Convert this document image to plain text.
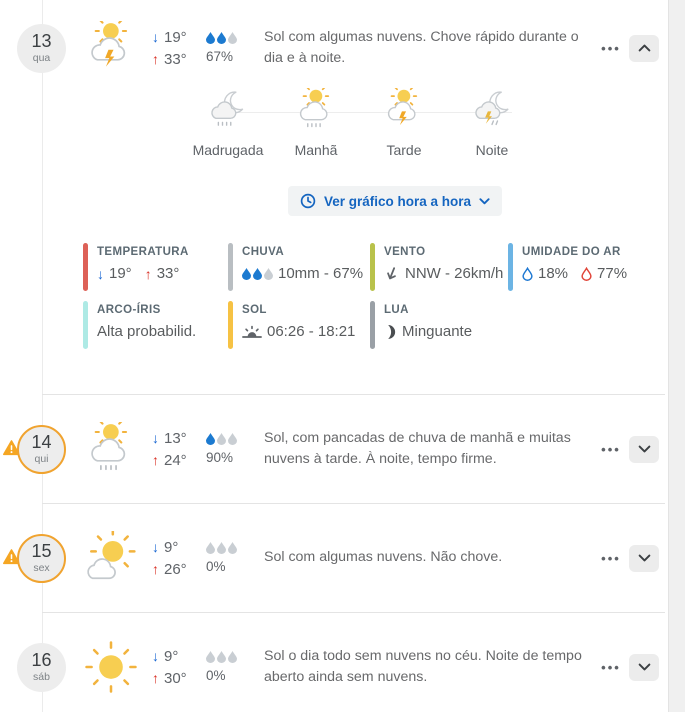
13
qua
↓ 19°
↑ 33° 67%

Sol com algumas nuvens. Chove rápido durante o dia e à noite.

•••
Madrugada	Manhã	Tarde	Noite
Ver gráfico hora a hora
TEMPERATURA
↓ 19° ↑ 33°
CHUVA
10mm - 67%
VENTO
NNW - 26km/h
UMIDADE DO AR
18% 77%
ARCO-ÍRIS
Alta probabilid.
SOL
06:26 - 18:21
LUA
Minguante
14
qui
↓ 13°
↑ 24° 90%

Sol, com pancadas de chuva de manhã e muitas nuvens à tarde. À noite, tempo firme.

•••
15
sex
↓ 9°
↑ 26° 0%

Sol com algumas nuvens. Não chove.	•••
16
sáb
↓ 9°
↑ 30° 0%

Sol o dia todo sem nuvens no céu. Noite de tempo aberto ainda sem nuvens.

•••
